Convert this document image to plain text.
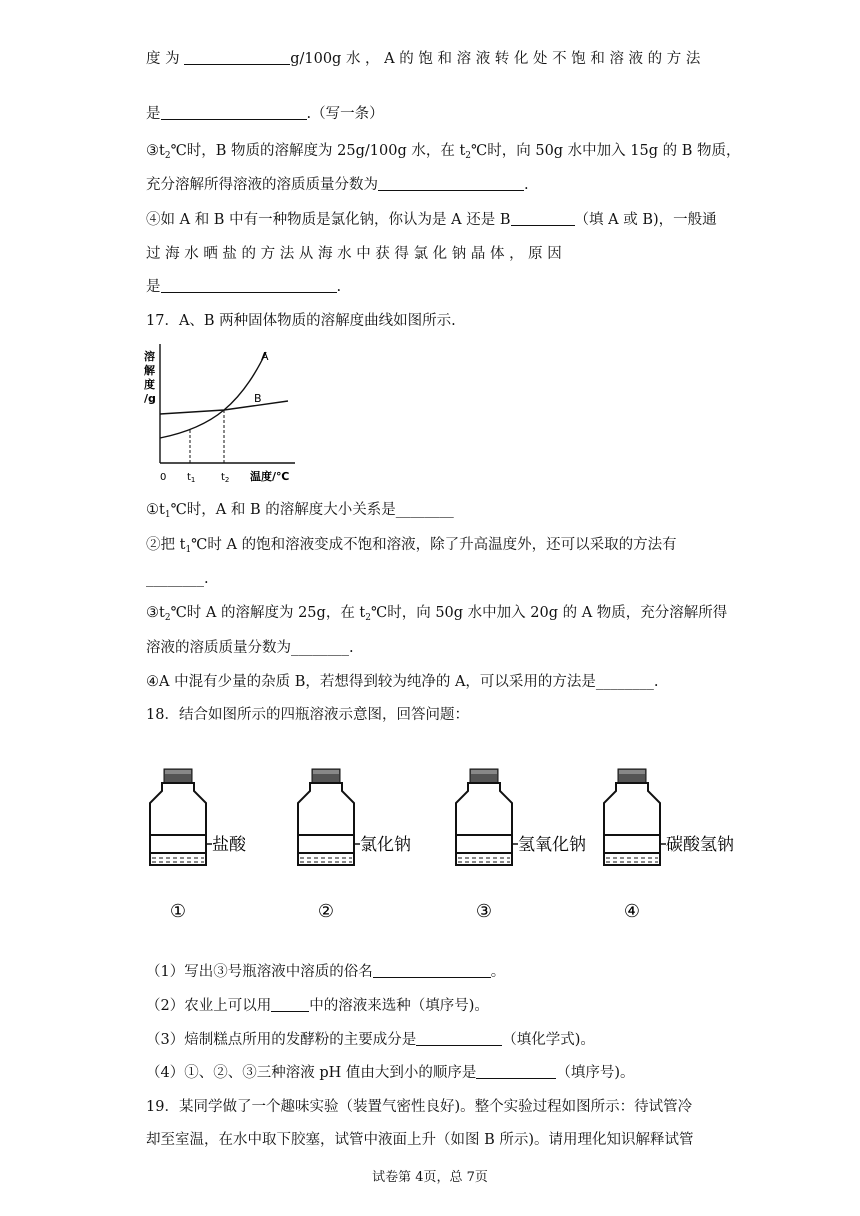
度 为	g/100g 水 ， A 的 饱 和 溶 液 转 化 处 不 饱 和 溶 液 的 方 法
是	.（写一条）
$③t_2℃$时，B 物质的溶解度为 25g/100g 水，在 $t_2℃$时，向 50g 水中加入 15g 的 B 物质，
充分溶解所得溶液的溶质质量分数为	.
④如 A 和 B 中有一种物质是氯化钠，你认为是 A 还是 B	（填 A 或 B)，一般通
过 海 水 晒 盐 的 方 法 从 海 水 中 获 得 氯 化 钠 晶 体 ， 原 因
是	.
17．A、B 两种固体物质的溶解度曲线如图所示.
溶
解
度
/g
A
B
0 $t_1$	$t_2$ 温度/℃
$①t_1℃$时，A 和 B 的溶解度大小关系是________
②把 $t_1℃$时 A 的饱和溶液变成不饱和溶液，除了升高温度外，还可以采取的方法有
________.
$③t_2℃$时 A 的溶解度为 25g，在 $t_2℃$时，向 50g 水中加入 20g 的 A 物质，充分溶解所得
溶液的溶质质量分数为________.
④A 中混有少量的杂质 B，若想得到较为纯净的 A，可以采用的方法是________.
18．结合如图所示的四瓶溶液示意图，回答问题：
盐酸
①
氯化钠
②
氢氧化钠
③
碳酸氢钠
④
（1）写出③号瓶溶液中溶质的俗名	。
（2）农业上可以用	中的溶液来选种（填序号)。
（3）焙制糕点所用的发酵粉的主要成分是	（填化学式)。
（4）①、②、③三种溶液 pH 值由大到小的顺序是	（填序号)。
19．某同学做了一个趣味实验（装置气密性良好)。整个实验过程如图所示：待试管冷
却至室温，在水中取下胶塞，试管中液面上升（如图 B 所示)。请用理化知识解释试管
试卷第 4页，总 7页
